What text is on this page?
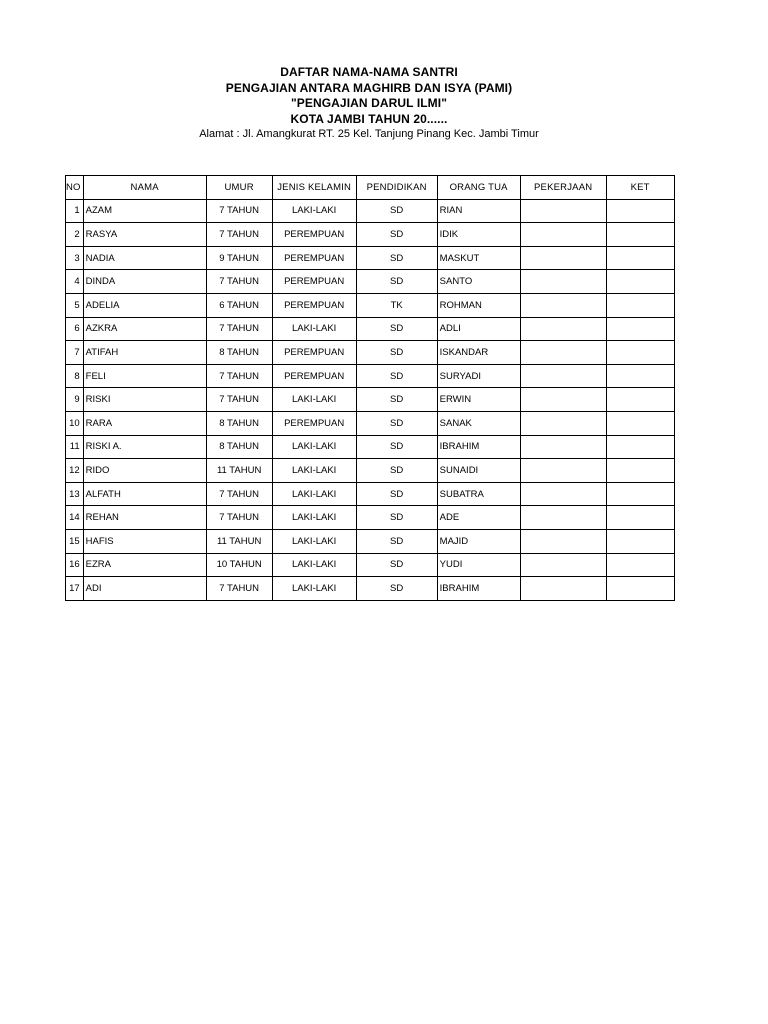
DAFTAR NAMA-NAMA SANTRI
PENGAJIAN ANTARA MAGHIRB DAN ISYA (PAMI)
"PENGAJIAN DARUL ILMI"
KOTA JAMBI TAHUN 20......
Alamat : Jl. Amangkurat RT. 25 Kel. Tanjung Pinang Kec. Jambi Timur
NO	NAMA	UMUR	JENIS KELAMIN	PENDIDIKAN	ORANG TUA	PEKERJAAN	KET
1	AZAM	7 TAHUN	LAKI-LAKI	SD	RIAN		
2	RASYA	7 TAHUN	PEREMPUAN	SD	IDIK		
3	NADIA	9 TAHUN	PEREMPUAN	SD	MASKUT		
4	DINDA	7 TAHUN	PEREMPUAN	SD	SANTO		
5	ADELIA	6 TAHUN	PEREMPUAN	TK	ROHMAN		
6	AZKRA	7 TAHUN	LAKI-LAKI	SD	ADLI		
7	ATIFAH	8 TAHUN	PEREMPUAN	SD	ISKANDAR		
8	FELI	7 TAHUN	PEREMPUAN	SD	SURYADI		
9	RISKI	7 TAHUN	LAKI-LAKI	SD	ERWIN		
10	RARA	8 TAHUN	PEREMPUAN	SD	SANAK		
11	RISKI A.	8 TAHUN	LAKI-LAKI	SD	IBRAHIM		
12	RIDO	11 TAHUN	LAKI-LAKI	SD	SUNAIDI		
13	ALFATH	7 TAHUN	LAKI-LAKI	SD	SUBATRA		
14	REHAN	7 TAHUN	LAKI-LAKI	SD	ADE		
15	HAFIS	11 TAHUN	LAKI-LAKI	SD	MAJID		
16	EZRA	10 TAHUN	LAKI-LAKI	SD	YUDI		
17	ADI	7 TAHUN	LAKI-LAKI	SD	IBRAHIM		
